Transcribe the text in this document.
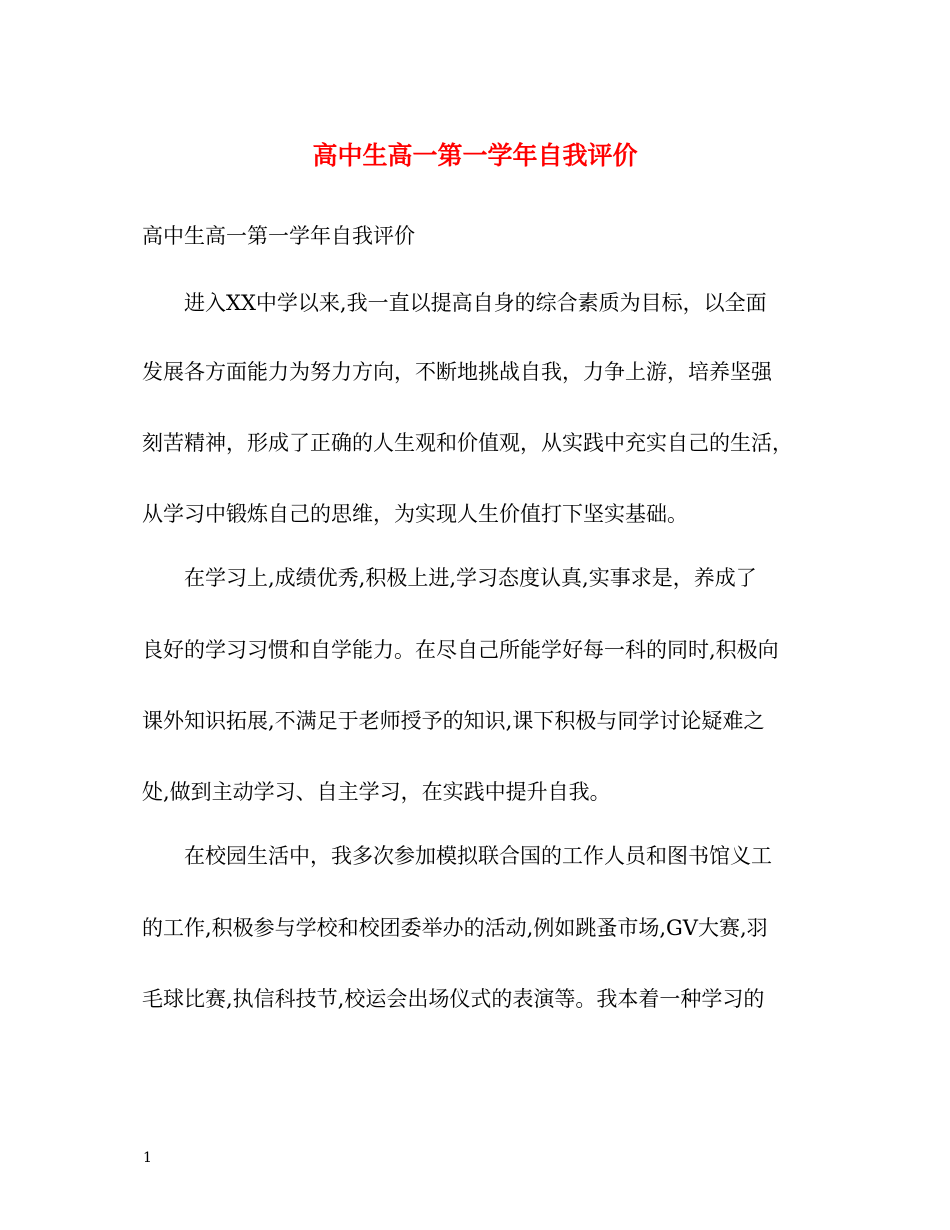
高中生高一第一学年自我评价
高中生高一第一学年自我评价
进入XX中学以来,我一直以提高自身的综合素质为目标，以全面
发展各方面能力为努力方向，不断地挑战自我，力争上游，培养坚强
刻苦精神，形成了正确的人生观和价值观，从实践中充实自己的生活，
从学习中锻炼自己的思维，为实现人生价值打下坚实基础。
在学习上,成绩优秀,积极上进,学习态度认真,实事求是，养成了
良好的学习习惯和自学能力。在尽自己所能学好每一科的同时,积极向
课外知识拓展,不满足于老师授予的知识,课下积极与同学讨论疑难之
处,做到主动学习、自主学习，在实践中提升自我。
在校园生活中，我多次参加模拟联合国的工作人员和图书馆义工
的工作,积极参与学校和校团委举办的活动,例如跳蚤市场,GV大赛,羽
毛球比赛,执信科技节,校运会出场仪式的表演等。我本着一种学习的
1
